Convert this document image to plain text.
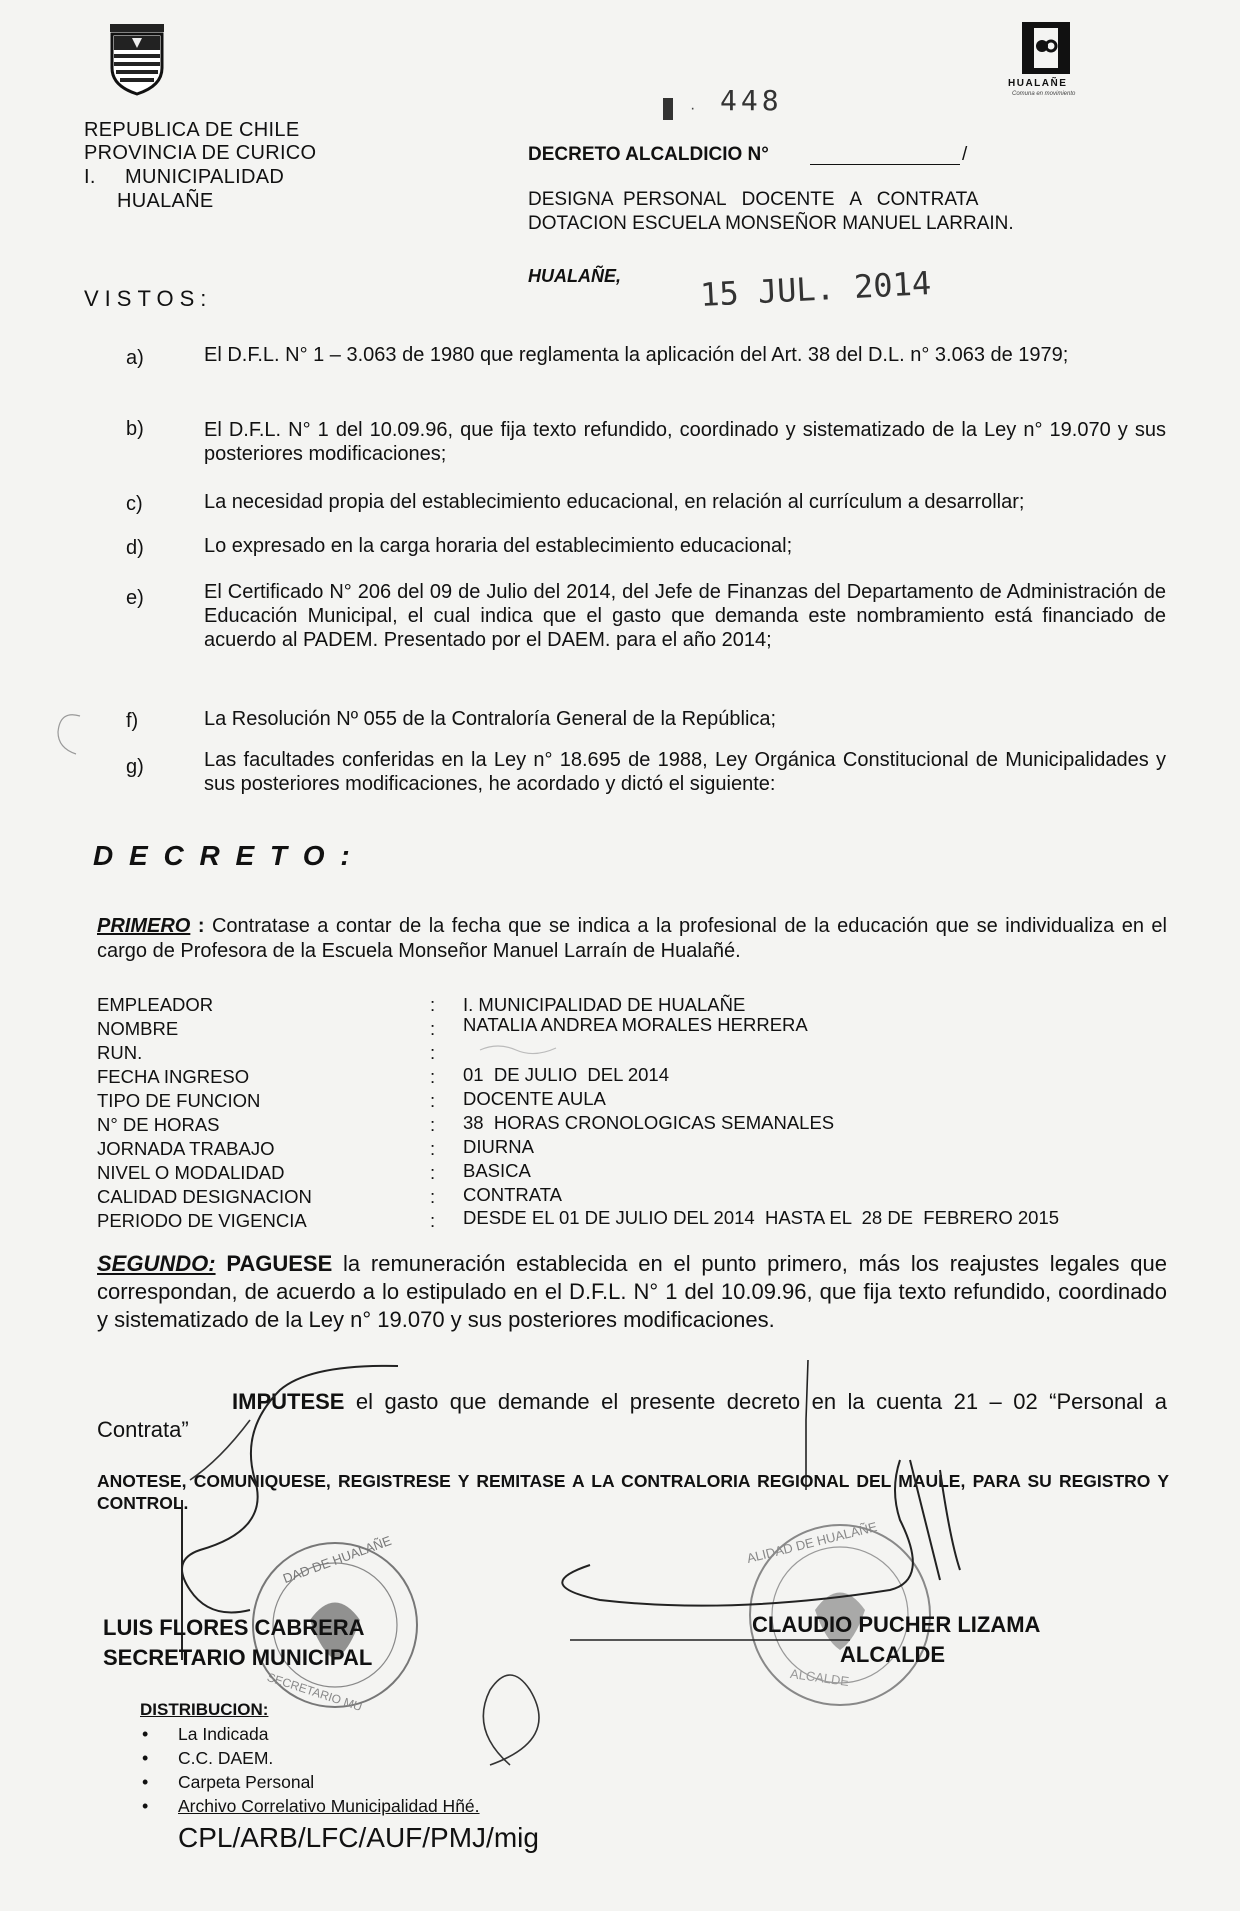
REPUBLICA DE CHILE
PROVINCIA DE CURICO
I.     MUNICIPALIDAD
HUALAÑE
HUALAÑE
Comuna en movimiento
· 448
DECRETO ALCALDICIO N°	/
DESIGNA  PERSONAL   DOCENTE   A   CONTRATA
DOTACION ESCUELA MONSEÑOR MANUEL LARRAIN.
HUALAÑE, 15 JUL. 2014
VISTOS:
a)	El D.F.L. N° 1 – 3.063 de 1980 que reglamenta la aplicación del Art. 38 del D.L. n° 3.063 de 1979;
b)	El D.F.L. N° 1 del 10.09.96, que fija texto refundido, coordinado y sistematizado de la Ley n° 19.070 y sus posteriores modificaciones;
c)	La necesidad propia del establecimiento educacional, en relación al currículum a desarrollar;
d)	Lo expresado en la carga horaria del establecimiento educacional;
e)	El Certificado N° 206 del 09 de Julio del 2014, del Jefe de Finanzas del Departamento de Administración de Educación Municipal, el cual indica que el gasto que demanda este nombramiento está financiado de acuerdo al PADEM. Presentado por el DAEM. para el año 2014;
f)	La Resolución Nº 055 de la Contraloría General de la República;
g)	Las facultades conferidas en la Ley n° 18.695 de 1988, Ley Orgánica Constitucional de Municipalidades y sus posteriores modificaciones, he acordado y dictó el siguiente:
D E C R E T O :
PRIMERO : Contratase a contar de la fecha que se indica a la profesional de la educación que se individualiza en el cargo de Profesora de la Escuela Monseñor Manuel Larraín de Hualañé.
EMPLEADOR	: I. MUNICIPALIDAD DE HUALAÑE
NOMBRE	: NATALIA ANDREA MORALES HERRERA
RUN.	:
FECHA INGRESO	: 01  DE JULIO  DEL 2014
TIPO DE FUNCION	: DOCENTE AULA
N° DE HORAS	: 38  HORAS CRONOLOGICAS SEMANALES
JORNADA TRABAJO	: DIURNA
NIVEL O MODALIDAD	: BASICA
CALIDAD DESIGNACION	: CONTRATA
PERIODO DE VIGENCIA	: DESDE EL 01 DE JULIO DEL 2014  HASTA EL  28 DE  FEBRERO 2015
SEGUNDO: PAGUESE la remuneración establecida en el punto primero, más los reajustes legales que correspondan, de acuerdo a lo estipulado en el D.F.L. N° 1 del 10.09.96, que fija texto refundido, coordinado y sistematizado de la Ley n° 19.070 y sus posteriores modificaciones.
IMPUTESE el gasto que demande el presente decreto en la cuenta 21 – 02 “Personal a Contrata”
ANOTESE, COMUNIQUESE, REGISTRESE Y REMITASE A LA CONTRALORIA REGIONAL DEL MAULE, PARA SU REGISTRO Y CONTROL.
LUIS FLORES CABRERA
SECRETARIO MUNICIPAL
CLAUDIO PUCHER LIZAMA
ALCALDE
DAD DE HUALAÑE
SECRETARIO MU
ALIDAD DE HUALAÑE
ALCALDE
DISTRIBUCION:
• La Indicada
• C.C. DAEM.
• Carpeta Personal
• Archivo Correlativo Municipalidad Hñé.
CPL/ARB/LFC/AUF/PMJ/mig
